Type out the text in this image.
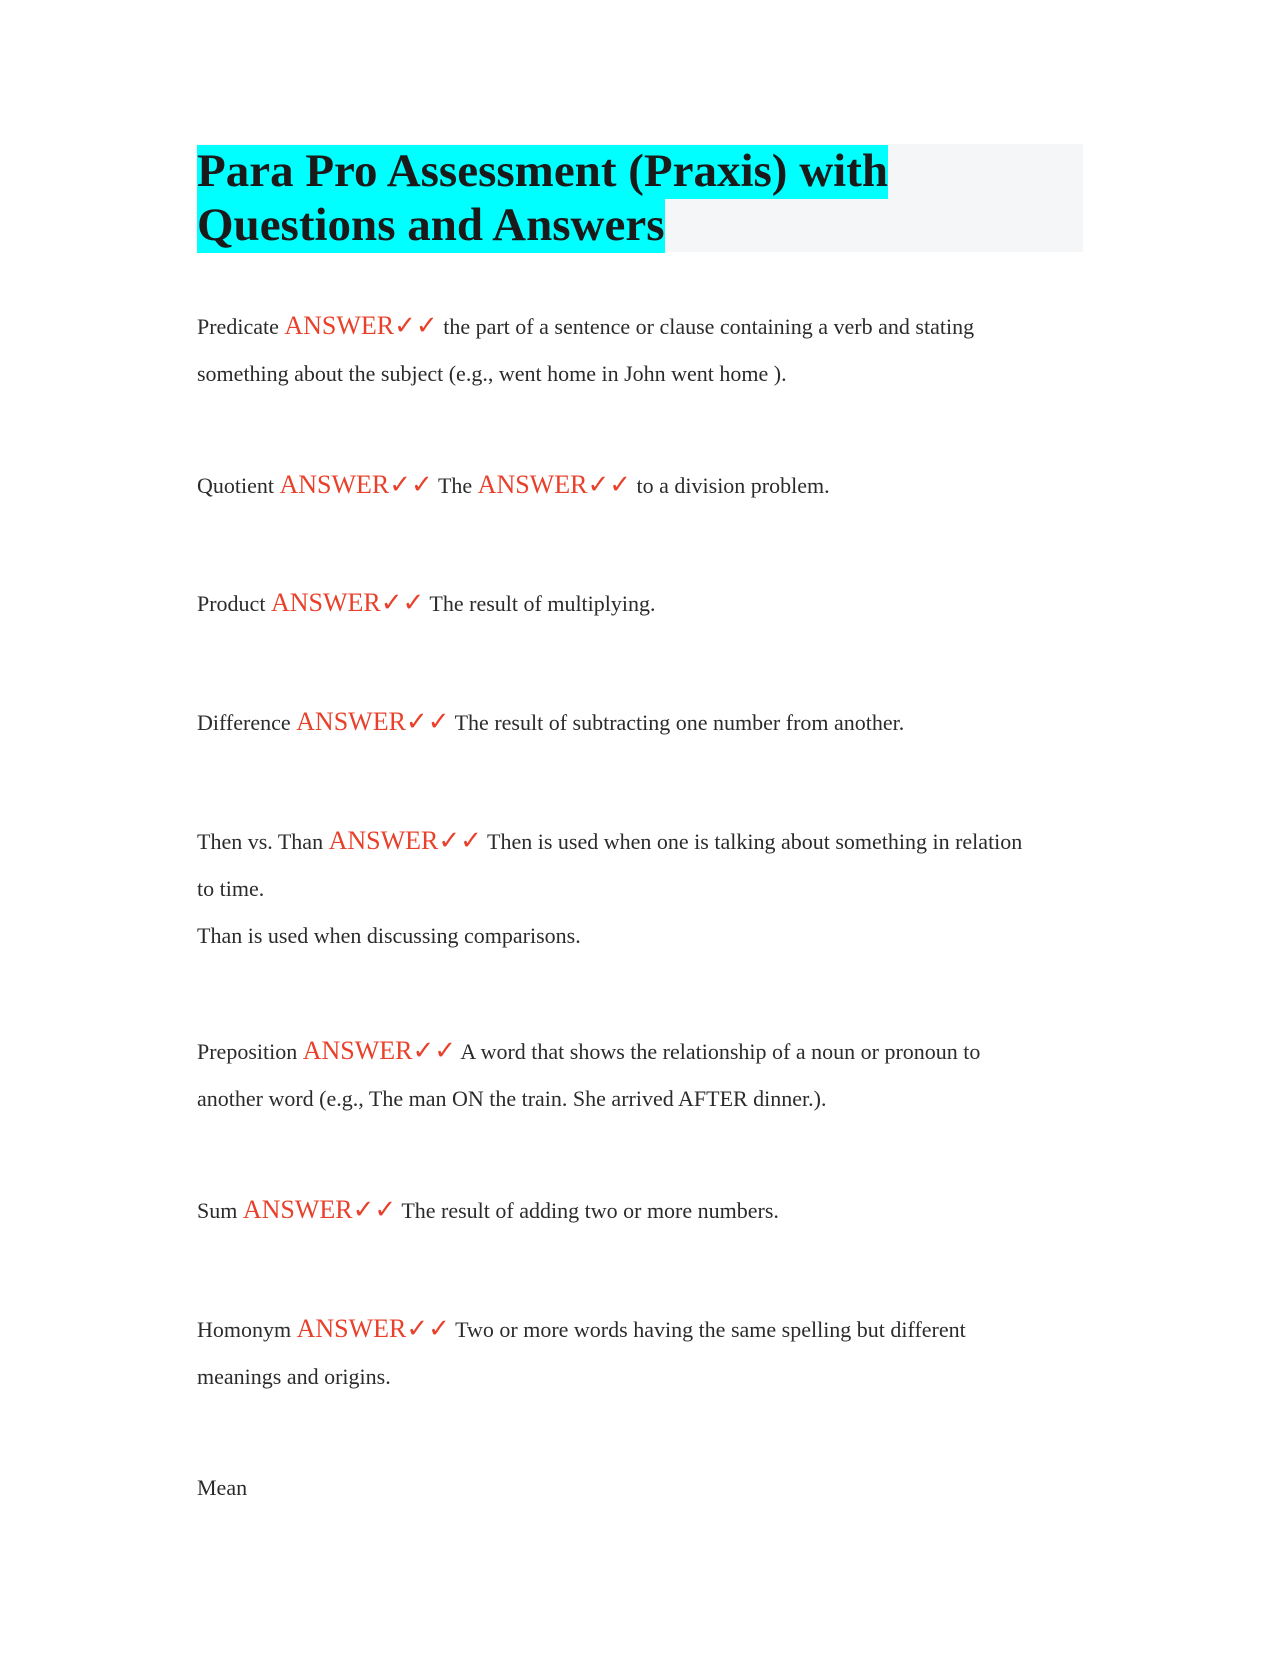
Para Pro Assessment (Praxis) with
Questions and Answers
Predicate ANSWER✓✓ the part of a sentence or clause containing a verb and stating
something about the subject (e.g., went home in John went home ).
Quotient ANSWER✓✓ The ANSWER✓✓ to a division problem.
Product ANSWER✓✓ The result of multiplying.
Difference ANSWER✓✓ The result of subtracting one number from another.
Then vs. Than ANSWER✓✓ Then is used when one is talking about something in relation
to time.
Than is used when discussing comparisons.
Preposition ANSWER✓✓ A word that shows the relationship of a noun or pronoun to
another word (e.g., The man ON the train. She arrived AFTER dinner.).
Sum ANSWER✓✓ The result of adding two or more numbers.
Homonym ANSWER✓✓ Two or more words having the same spelling but different
meanings and origins.
Mean
